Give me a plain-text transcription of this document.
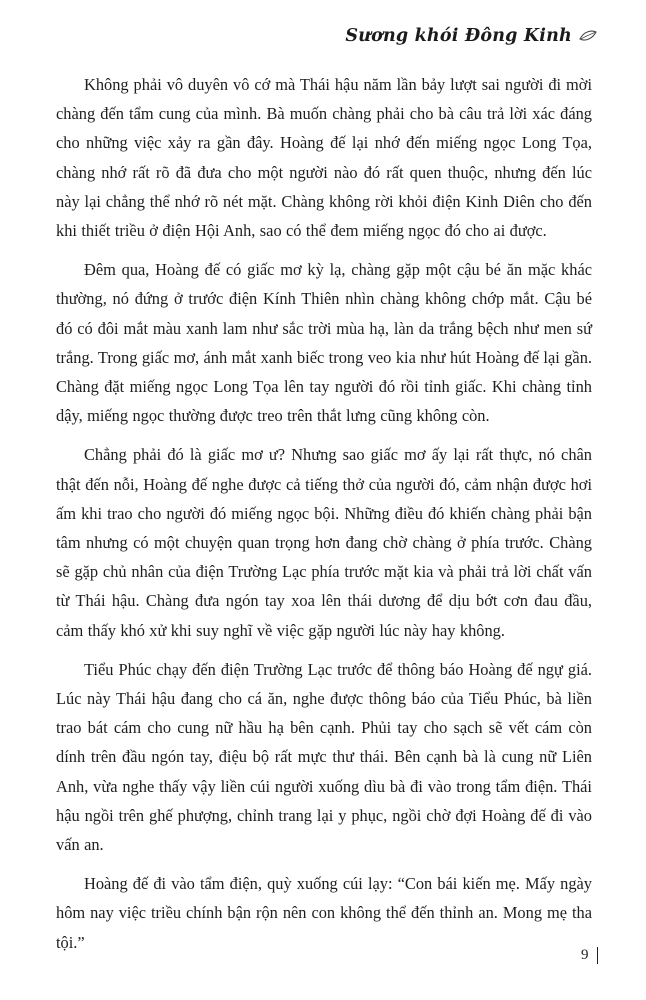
Sương khói Đông Kinh

Không phải vô duyên vô cớ mà Thái hậu năm lần bảy lượt sai người đi mời chàng đến tẩm cung của mình. Bà muốn chàng phải cho bà câu trả lời xác đáng cho những việc xảy ra gần đây. Hoàng đế lại nhớ đến miếng ngọc Long Tọa, chàng nhớ rất rõ đã đưa cho một người nào đó rất quen thuộc, nhưng đến lúc này lại chẳng thể nhớ rõ nét mặt. Chàng không rời khỏi điện Kinh Diên cho đến khi thiết triều ở điện Hội Anh, sao có thể đem miếng ngọc đó cho ai được.

Đêm qua, Hoàng đế có giấc mơ kỳ lạ, chàng gặp một cậu bé ăn mặc khác thường, nó đứng ở trước điện Kính Thiên nhìn chàng không chớp mắt. Cậu bé đó có đôi mắt màu xanh lam như sắc trời mùa hạ, làn da trắng bệch như men sứ trắng. Trong giấc mơ, ánh mắt xanh biếc trong veo kia như hút Hoàng đế lại gần. Chàng đặt miếng ngọc Long Tọa lên tay người đó rồi tỉnh giấc. Khi chàng tỉnh dậy, miếng ngọc thường được treo trên thắt lưng cũng không còn.

Chẳng phải đó là giấc mơ ư? Nhưng sao giấc mơ ấy lại rất thực, nó chân thật đến nỗi, Hoàng đế nghe được cả tiếng thở của người đó, cảm nhận được hơi ấm khi trao cho người đó miếng ngọc bội. Những điều đó khiến chàng phải bận tâm nhưng có một chuyện quan trọng hơn đang chờ chàng ở phía trước. Chàng sẽ gặp chủ nhân của điện Trường Lạc phía trước mặt kia và phải trả lời chất vấn từ Thái hậu. Chàng đưa ngón tay xoa lên thái dương để dịu bớt cơn đau đầu, cảm thấy khó xử khi suy nghĩ về việc gặp người lúc này hay không.

Tiểu Phúc chạy đến điện Trường Lạc trước để thông báo Hoàng đế ngự giá. Lúc này Thái hậu đang cho cá ăn, nghe được thông báo của Tiểu Phúc, bà liền trao bát cám cho cung nữ hầu hạ bên cạnh. Phủi tay cho sạch sẽ vết cám còn dính trên đầu ngón tay, điệu bộ rất mực thư thái. Bên cạnh bà là cung nữ Liên Anh, vừa nghe thấy vậy liền cúi người xuống dìu bà đi vào trong tẩm điện. Thái hậu ngồi trên ghế phượng, chỉnh trang lại y phục, ngồi chờ đợi Hoàng đế đi vào vấn an.

Hoàng đế đi vào tẩm điện, quỳ xuống cúi lạy: “Con bái kiến mẹ. Mấy ngày hôm nay việc triều chính bận rộn nên con không thể đến thỉnh an. Mong mẹ tha tội.”

9
